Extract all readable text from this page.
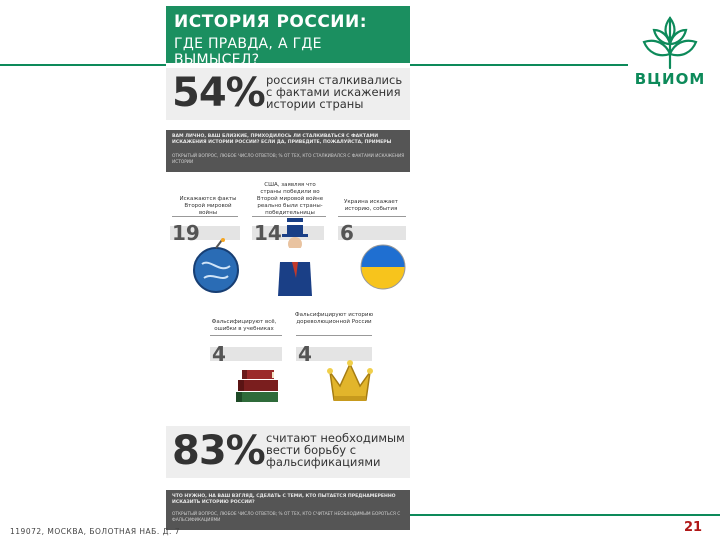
ВЦИОМ
ИСТОРИЯ РОССИИ:
ГДЕ ПРАВДА, А ГДЕ ВЫМЫСЕЛ?
54% россиян сталкивались с фактами искажения истории страны
ВАМ ЛИЧНО, ВАШ БЛИЗКИЕ, ПРИХОДИЛОСЬ ЛИ СТАЛКИВАТЬСЯ С ФАКТАМИ ИСКАЖЕНИЯ ИСТОРИИ РОССИИ? ЕСЛИ ДА, ПРИВЕДИТЕ, ПОЖАЛУЙСТА, ПРИМЕРЫ
ОТКРЫТЫЙ ВОПРОС, ЛЮБОЕ ЧИСЛО ОТВЕТОВ; % ОТ ТЕХ, КТО СТАЛКИВАЛСЯ С ФАКТАМИ ИСКАЖЕНИЯ ИСТОРИИ
Искажаются факты Второй мировой войны
19
США, заявляя что страны победили во Второй мировой войне реально были страны-победительницы
14
Украина искажает историю, события
6
Фальсифицируют всё, ошибки в учебниках
4
Фальсифицируют историю дореволюционной России
4
83% считают необходимым вести борьбу с фальсификациями
ЧТО НУЖНО, НА ВАШ ВЗГЛЯД, СДЕЛАТЬ С ТЕМИ, КТО ПЫТАЕТСЯ ПРЕДНАМЕРЕННО ИСКАЗИТЬ ИСТОРИЮ РОССИИ?
ОТКРЫТЫЙ ВОПРОС, ЛЮБОЕ ЧИСЛО ОТВЕТОВ; % ОТ ТЕХ, КТО СЧИТАЕТ НЕОБХОДИМЫМ БОРОТЬСЯ С ФАЛЬСИФИКАЦИЯМИ
119072, МОСКВА, БОЛОТНАЯ НАБ. Д. 7	21
